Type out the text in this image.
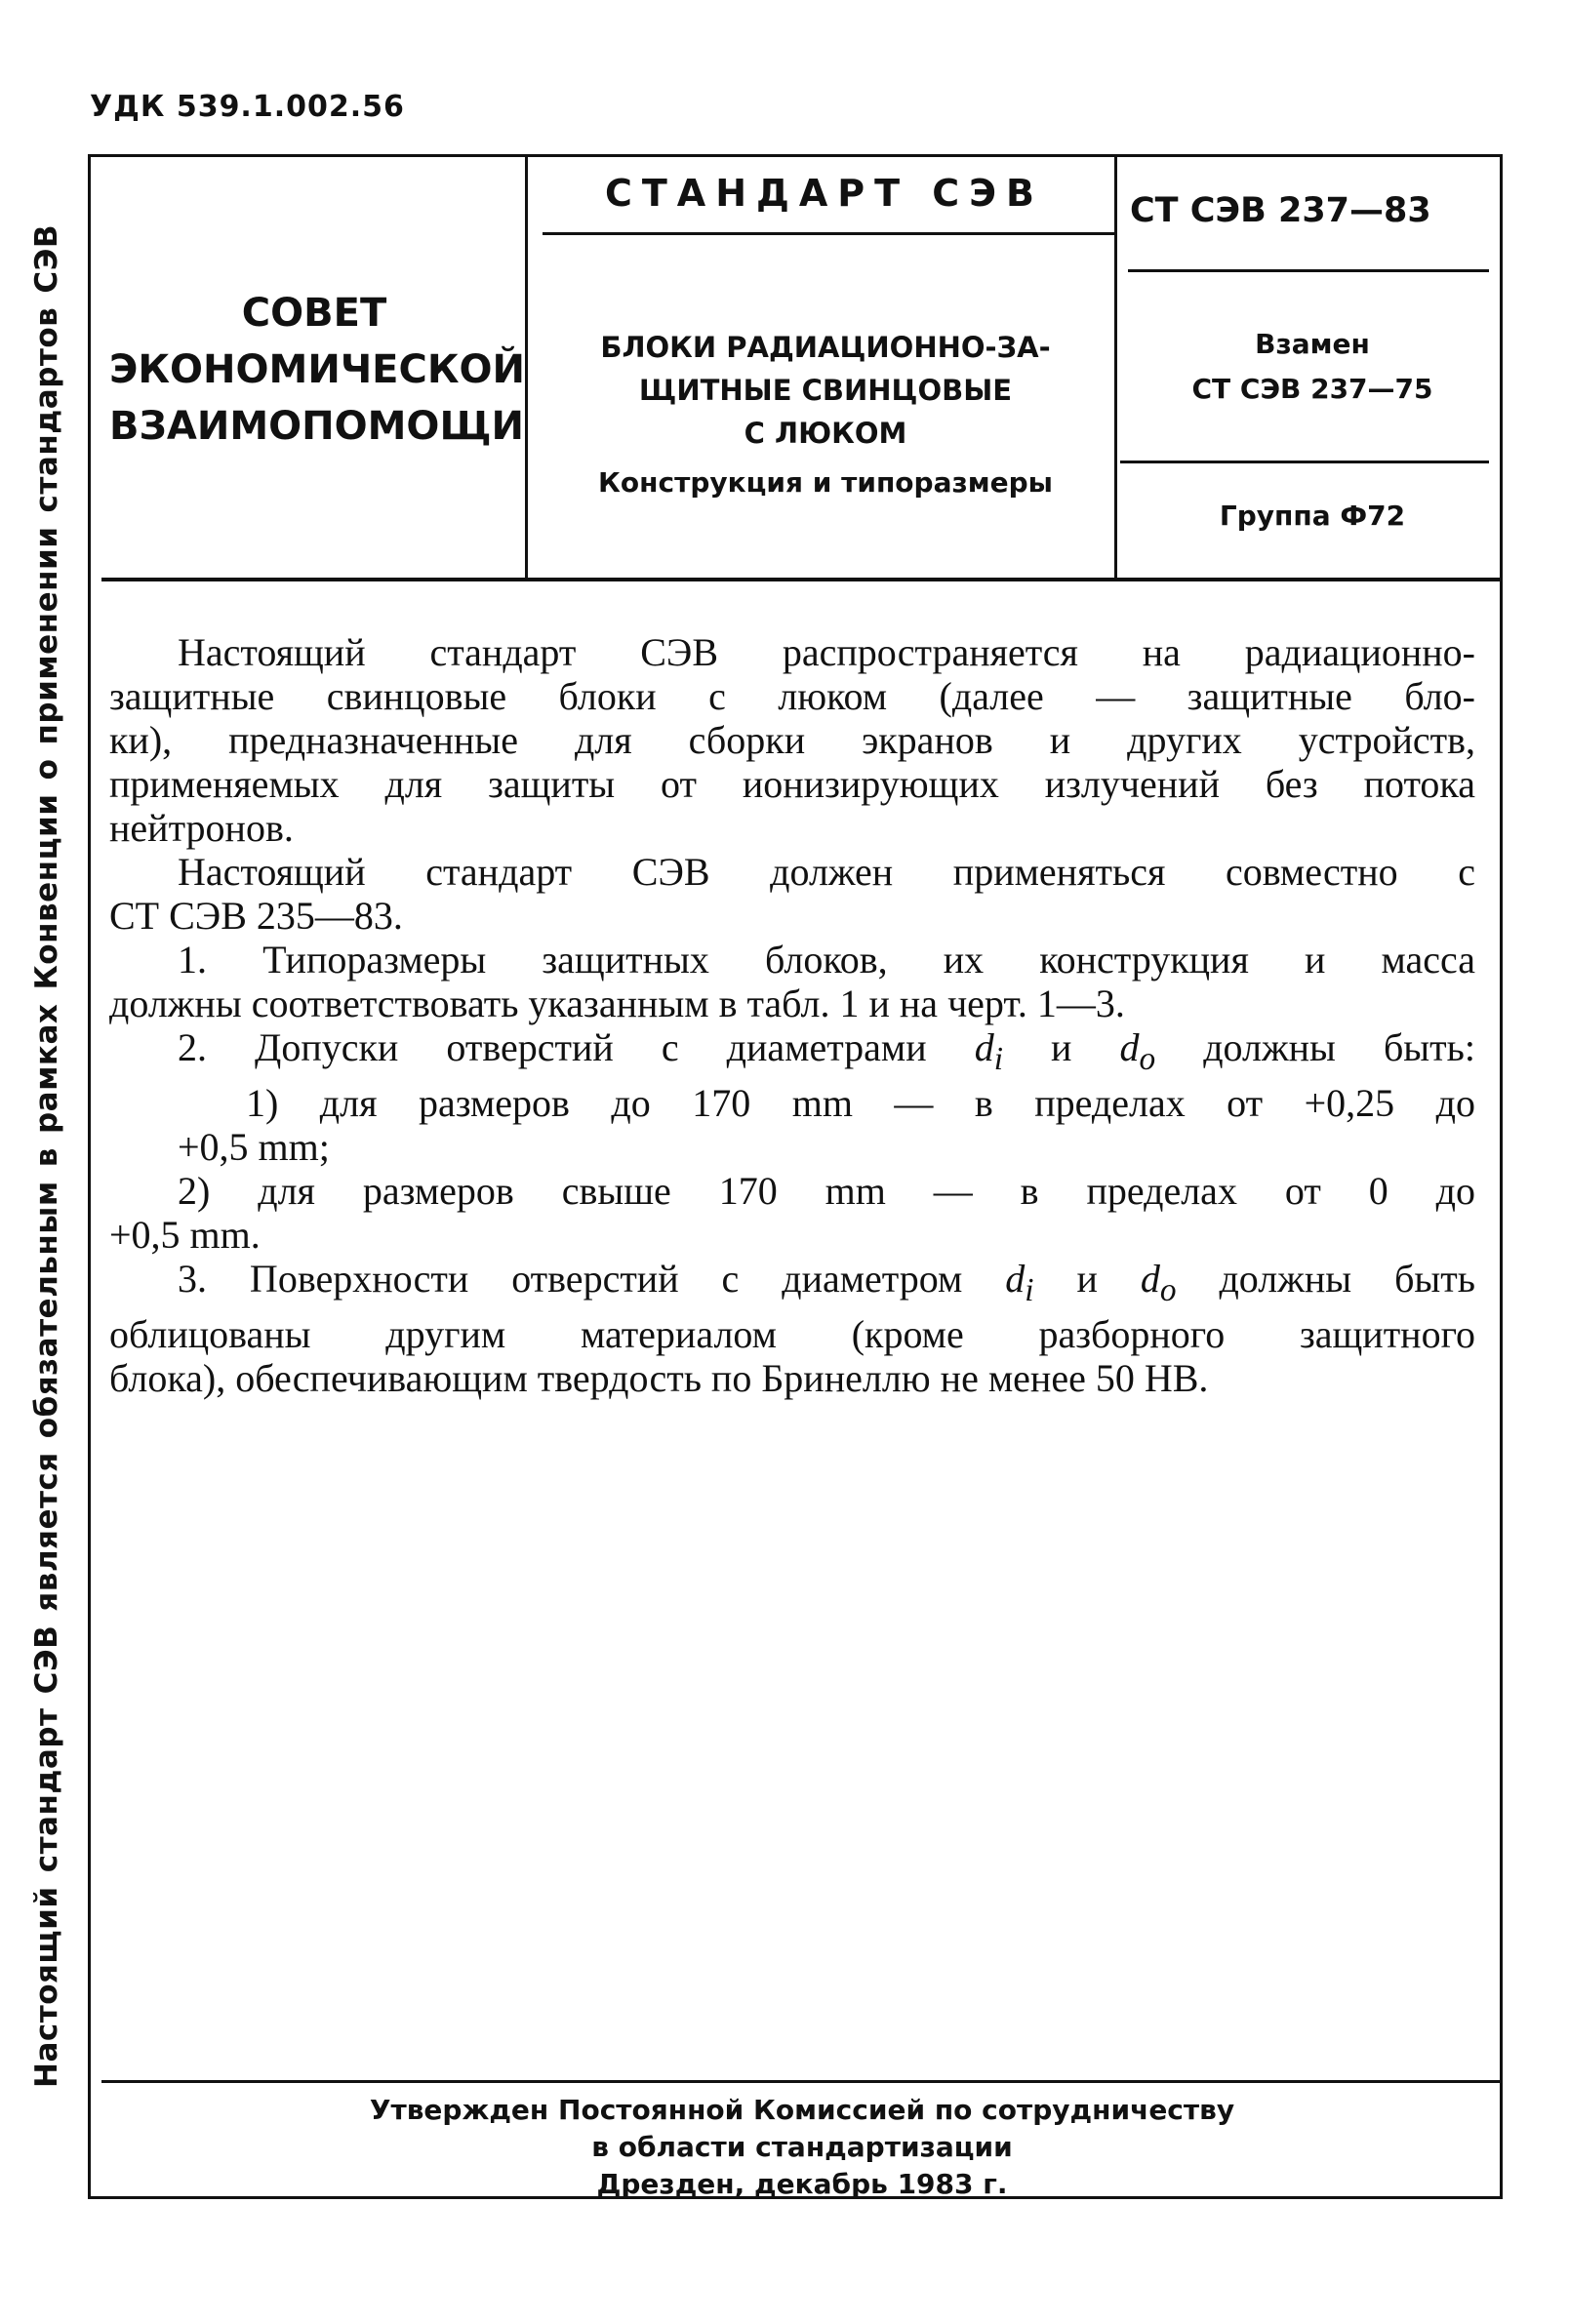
УДК 539.1.002.56
Настоящий стандарт СЭВ является обязательным в рамках Конвенции о применении стандартов СЭВ	СОВЕТ
ЭКОНОМИЧЕСКОЙ
ВЗАИМОПОМОЩИ
СТАНДАРТ СЭВ
БЛОКИ РАДИАЦИОННО-ЗА-
ЩИТНЫЕ СВИНЦОВЫЕ
С ЛЮКОМ
Конструкция и типоразмеры
СТ СЭВ 237—83
Взамен
СТ СЭВ 237—75
Группа Ф72
Настоящий стандарт СЭВ распространяется на радиационно-
защитные свинцовые блоки с люком (далее — защитные бло-
ки), предназначенные для сборки экранов и других устройств,
применяемых для защиты от ионизирующих излучений без потока
нейтронов.
Настоящий стандарт СЭВ должен применяться совместно с
СТ СЭВ 235—83.
1. Типоразмеры защитных блоков, их конструкция и масса
должны соответствовать указанным в табл. 1 и на черт. 1—3.
2. Допуски отверстий с диаметрами $d_i$ и $d_o$ должны быть:
1) для размеров до 170 mm — в пределах от +0,25 до
+0,5 mm;
2) для размеров свыше 170 mm — в пределах от 0 до
+0,5 mm.
3. Поверхности отверстий с диаметром $d_i$ и $d_o$ должны быть
облицованы другим материалом (кроме разборного защитного
блока), обеспечивающим твердость по Бринеллю не менее 50 НВ.
Утвержден Постоянной Комиссией по сотрудничеству
в области стандартизации
Дрезден, декабрь 1983 г.
